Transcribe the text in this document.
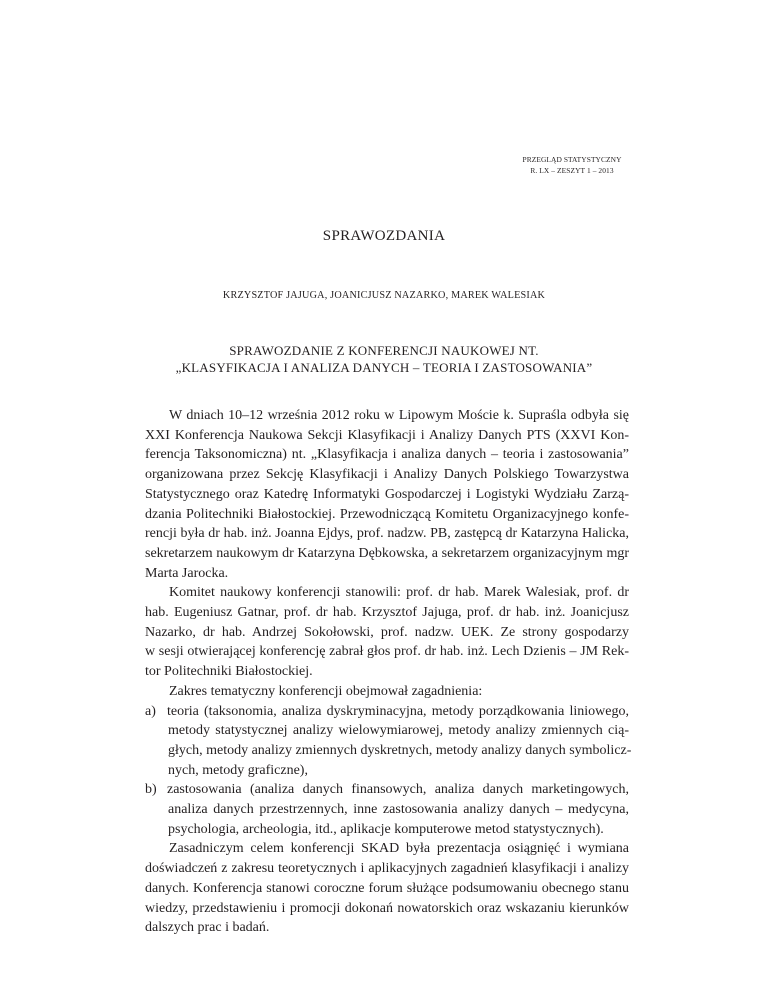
PRZEGLĄD STATYSTYCZNY
R. LX – ZESZYT 1 – 2013
SPRAWOZDANIA
KRZYSZTOF JAJUGA, JOANICJUSZ NAZARKO, MAREK WALESIAK
SPRAWOZDANIE Z KONFERENCJI NAUKOWEJ NT.
„KLASYFIKACJA I ANALIZA DANYCH – TEORIA I ZASTOSOWANIA”
W dniach 10–12 września 2012 roku w Lipowym Moście k. Supraśla odbyła się
XXI Konferencja Naukowa Sekcji Klasyfikacji i Analizy Danych PTS (XXVI Kon-
ferencja Taksonomiczna) nt. „Klasyfikacja i analiza danych – teoria i zastosowania”
organizowana przez Sekcję Klasyfikacji i Analizy Danych Polskiego Towarzystwa
Statystycznego oraz Katedrę Informatyki Gospodarczej i Logistyki Wydziału Zarzą-
dzania Politechniki Białostockiej. Przewodniczącą Komitetu Organizacyjnego konfe-
rencji była dr hab. inż. Joanna Ejdys, prof. nadzw. PB, zastępcą dr Katarzyna Halicka,
sekretarzem naukowym dr Katarzyna Dębkowska, a sekretarzem organizacyjnym mgr
Marta Jarocka.
Komitet naukowy konferencji stanowili: prof. dr hab. Marek Walesiak, prof. dr
hab. Eugeniusz Gatnar, prof. dr hab. Krzysztof Jajuga, prof. dr hab. inż. Joanicjusz
Nazarko, dr hab. Andrzej Sokołowski, prof. nadzw. UEK. Ze strony gospodarzy
w sesji otwierającej konferencję zabrał głos prof. dr hab. inż. Lech Dzienis – JM Rek-
tor Politechniki Białostockiej.
Zakres tematyczny konferencji obejmował zagadnienia:
a) teoria (taksonomia, analiza dyskryminacyjna, metody porządkowania liniowego,
metody statystycznej analizy wielowymiarowej, metody analizy zmiennych cią-
głych, metody analizy zmiennych dyskretnych, metody analizy danych symbolicz-
nych, metody graficzne),
b) zastosowania (analiza danych finansowych, analiza danych marketingowych,
analiza danych przestrzennych, inne zastosowania analizy danych – medycyna,
psychologia, archeologia, itd., aplikacje komputerowe metod statystycznych).
Zasadniczym celem konferencji SKAD była prezentacja osiągnięć i wymiana
doświadczeń z zakresu teoretycznych i aplikacyjnych zagadnień klasyfikacji i analizy
danych. Konferencja stanowi coroczne forum służące podsumowaniu obecnego stanu
wiedzy, przedstawieniu i promocji dokonań nowatorskich oraz wskazaniu kierunków
dalszych prac i badań.
